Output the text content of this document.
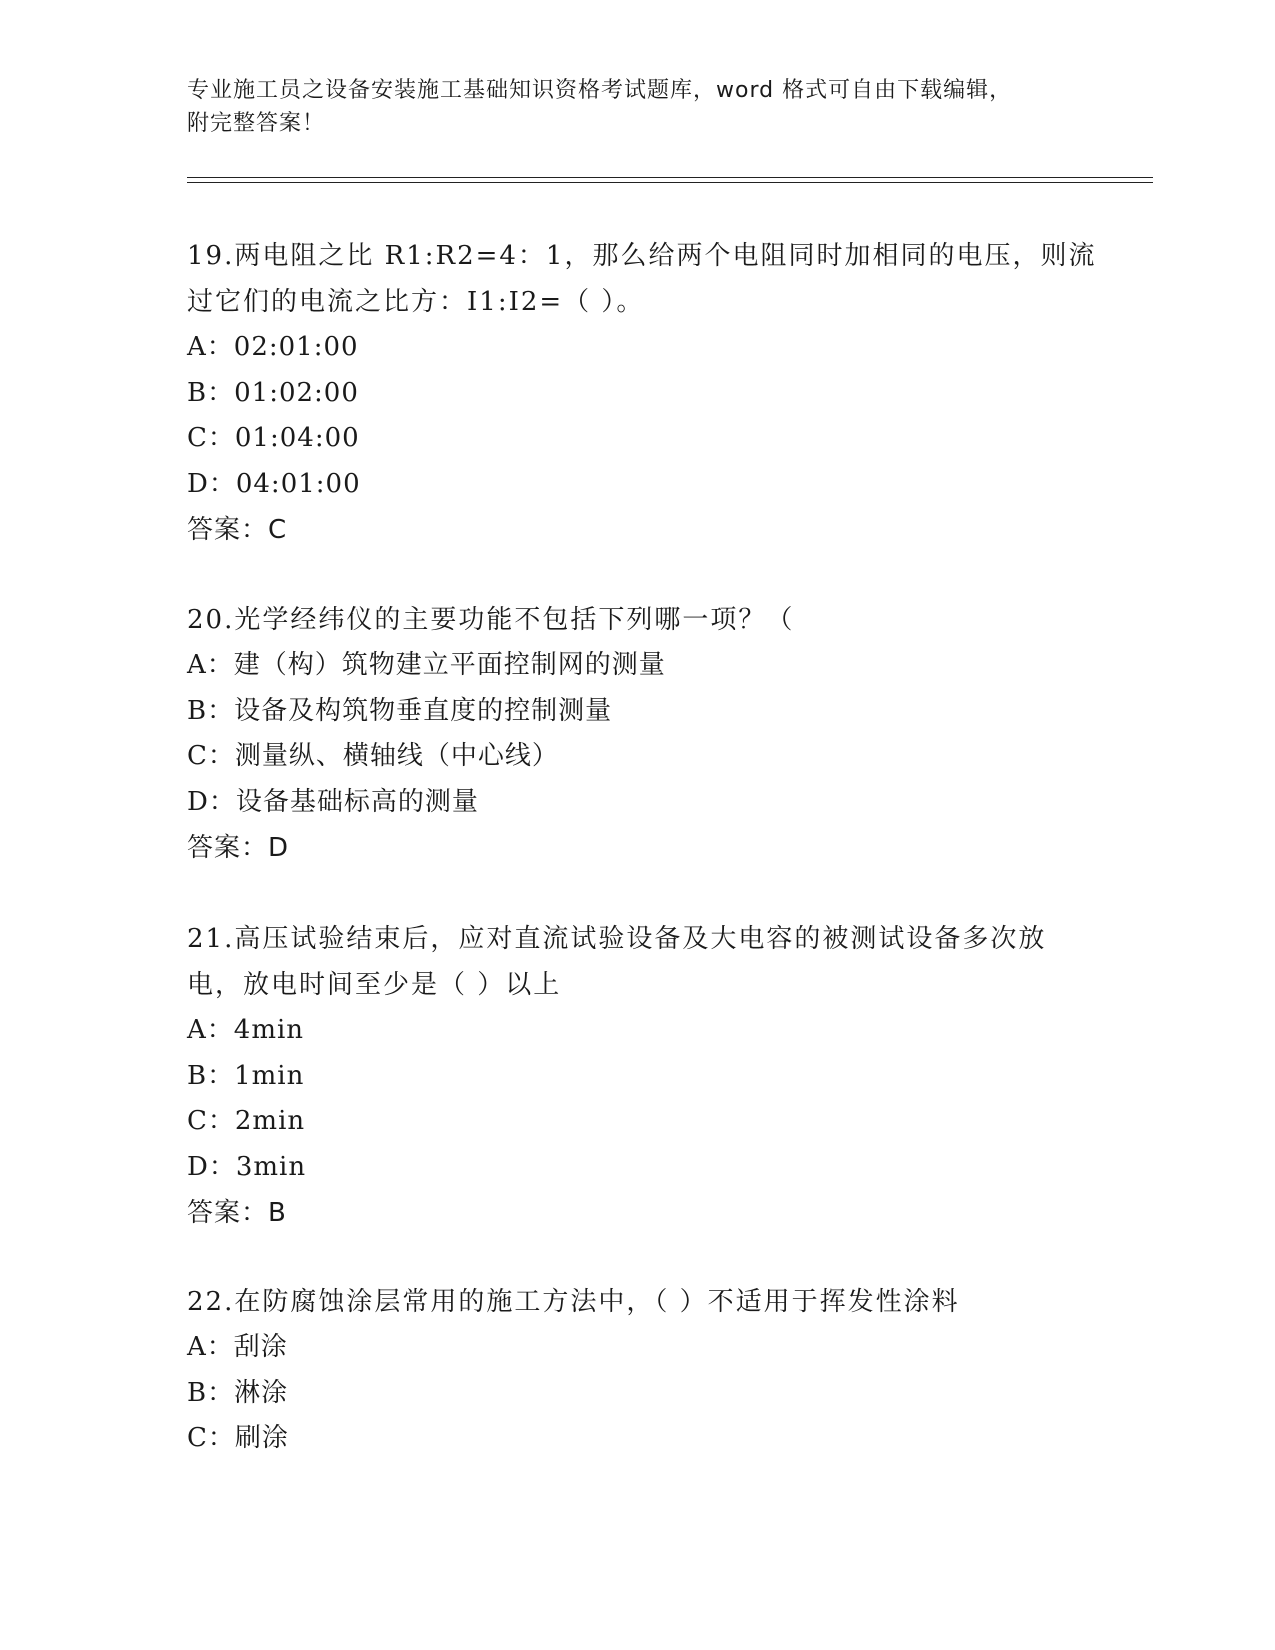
专业施工员之设备安装施工基础知识资格考试题库，word 格式可自由下载编辑，
附完整答案！
19.两电阻之比 R1:R2=4：1，那么给两个电阻同时加相同的电压，则流
过它们的电流之比方：I1:I2=（ ）。
A：02:01:00
B：01:02:00
C：01:04:00
D：04:01:00
答案：C
20.光学经纬仪的主要功能不包括下列哪一项？（
A：建（构）筑物建立平面控制网的测量
B：设备及构筑物垂直度的控制测量
C：测量纵、横轴线（中心线）
D：设备基础标高的测量
答案：D
21.高压试验结束后，应对直流试验设备及大电容的被测试设备多次放
电，放电时间至少是（ ）以上
A：4min
B：1min
C：2min
D：3min
答案：B
22.在防腐蚀涂层常用的施工方法中，（ ）不适用于挥发性涂料
A：刮涂
B：淋涂
C：刷涂
